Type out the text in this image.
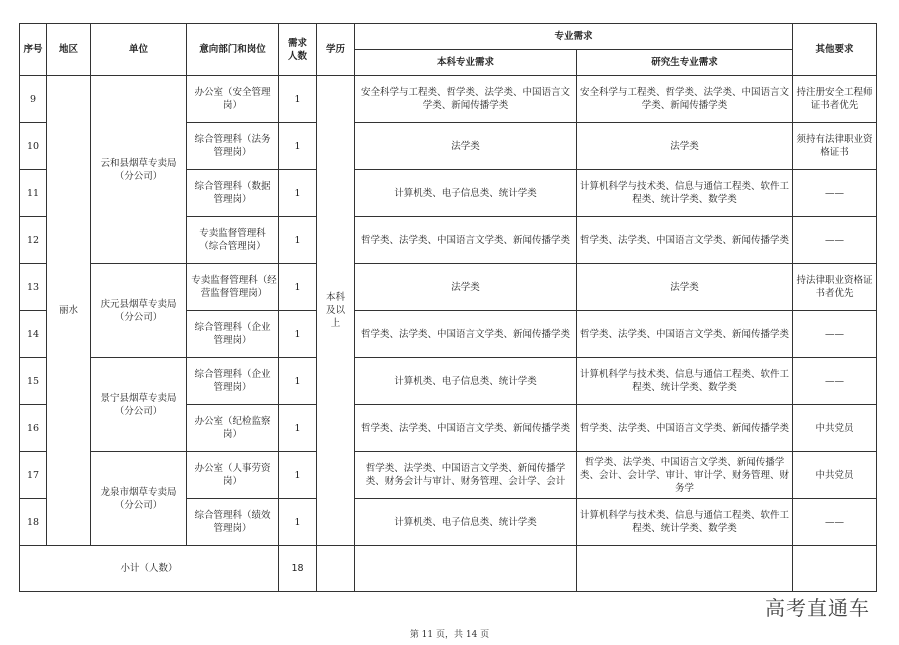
序号	地区	单位	意向部门和岗位	需求人数	学历	专业需求		其他要求
						本科专业需求	研究生专业需求	
9	丽水	云和县烟草专卖局（分公司）	办公室（安全管理岗）	1	本科及以上	安全科学与工程类、哲学类、法学类、中国语言文学类、新闻传播学类	安全科学与工程类、哲学类、法学类、中国语言文学类、新闻传播学类	持注册安全工程师证书者优先
10			综合管理科（法务管理岗）	1		法学类	法学类	须持有法律职业资格证书
11			综合管理科（数据管理岗）	1		计算机类、电子信息类、统计学类	计算机科学与技术类、信息与通信工程类、软件工程类、统计学类、数学类	——
12			专卖监督管理科（综合管理岗）	1		哲学类、法学类、中国语言文学类、新闻传播学类	哲学类、法学类、中国语言文学类、新闻传播学类	——
13		庆元县烟草专卖局（分公司）	专卖监督管理科（经营监督管理岗）	1		法学类	法学类	持法律职业资格证书者优先
14			综合管理科（企业管理岗）	1		哲学类、法学类、中国语言文学类、新闻传播学类	哲学类、法学类、中国语言文学类、新闻传播学类	——
15		景宁县烟草专卖局（分公司）	综合管理科（企业管理岗）	1		计算机类、电子信息类、统计学类	计算机科学与技术类、信息与通信工程类、软件工程类、统计学类、数学类	——
16			办公室（纪检监察岗）	1		哲学类、法学类、中国语言文学类、新闻传播学类	哲学类、法学类、中国语言文学类、新闻传播学类	中共党员
17		龙泉市烟草专卖局（分公司）	办公室（人事劳资岗）	1		哲学类、法学类、中国语言文学类、新闻传播学类、财务会计与审计、财务管理、会计学、会计	哲学类、法学类、中国语言文学类、新闻传播学类、会计、会计学、审计、审计学、财务管理、财务学	中共党员
18			综合管理科（绩效管理岗）	1		计算机类、电子信息类、统计学类	计算机科学与技术类、信息与通信工程类、软件工程类、统计学类、数学类	——
小计（人数）				18				
高考直通车
第 11 页，共 14 页
